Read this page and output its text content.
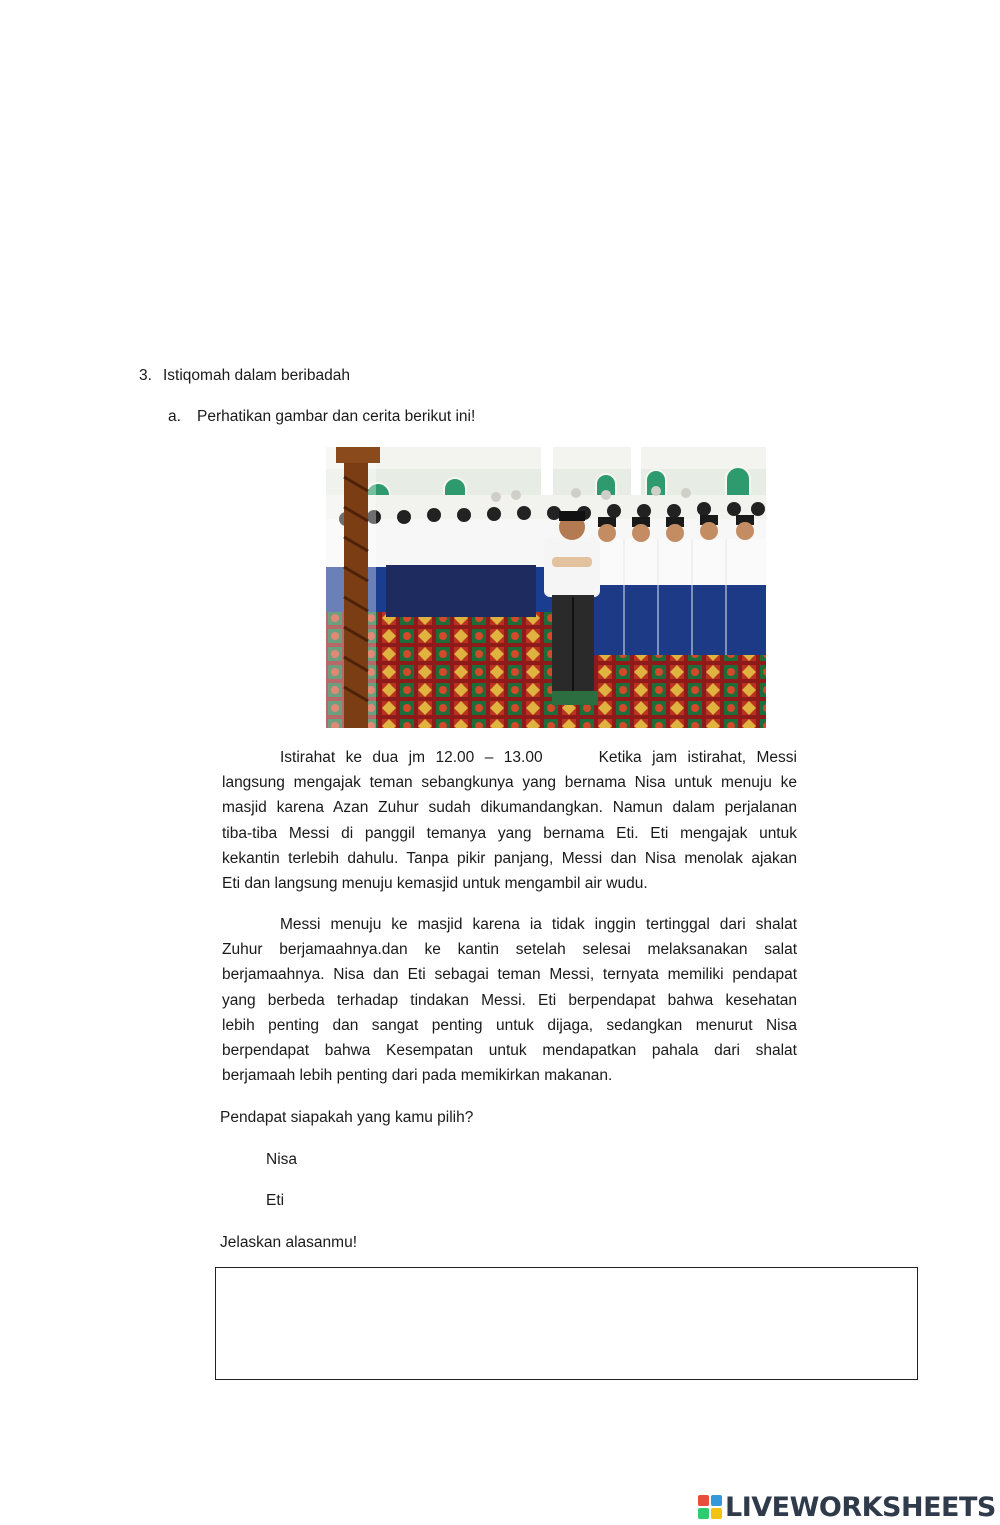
3. Istiqomah dalam beribadah
a. Perhatikan gambar dan cerita berikut ini!
Istirahat ke dua jm 12.00 – 13.00	Ketika jam istirahat, Messi
langsung mengajak teman sebangkunya yang bernama Nisa untuk menuju ke
masjid karena Azan Zuhur sudah dikumandangkan. Namun dalam perjalanan
tiba-tiba Messi di panggil temanya yang bernama Eti. Eti mengajak untuk
kekantin terlebih dahulu. Tanpa pikir panjang, Messi dan Nisa menolak ajakan
Eti dan langsung menuju kemasjid untuk mengambil air wudu.
Messi menuju ke masjid karena ia tidak inggin tertinggal dari shalat
Zuhur berjamaahnya.dan ke kantin setelah selesai melaksanakan salat
berjamaahnya. Nisa dan Eti sebagai teman Messi, ternyata memiliki pendapat
yang berbeda terhadap tindakan Messi. Eti berpendapat bahwa kesehatan
lebih penting dan sangat penting untuk dijaga, sedangkan menurut Nisa
berpendapat bahwa Kesempatan untuk mendapatkan pahala dari shalat
berjamaah lebih penting dari pada memikirkan makanan.
Pendapat siapakah yang kamu pilih?
Nisa
Eti
Jelaskan alasanmu!
LIVEWORKSHEETS
